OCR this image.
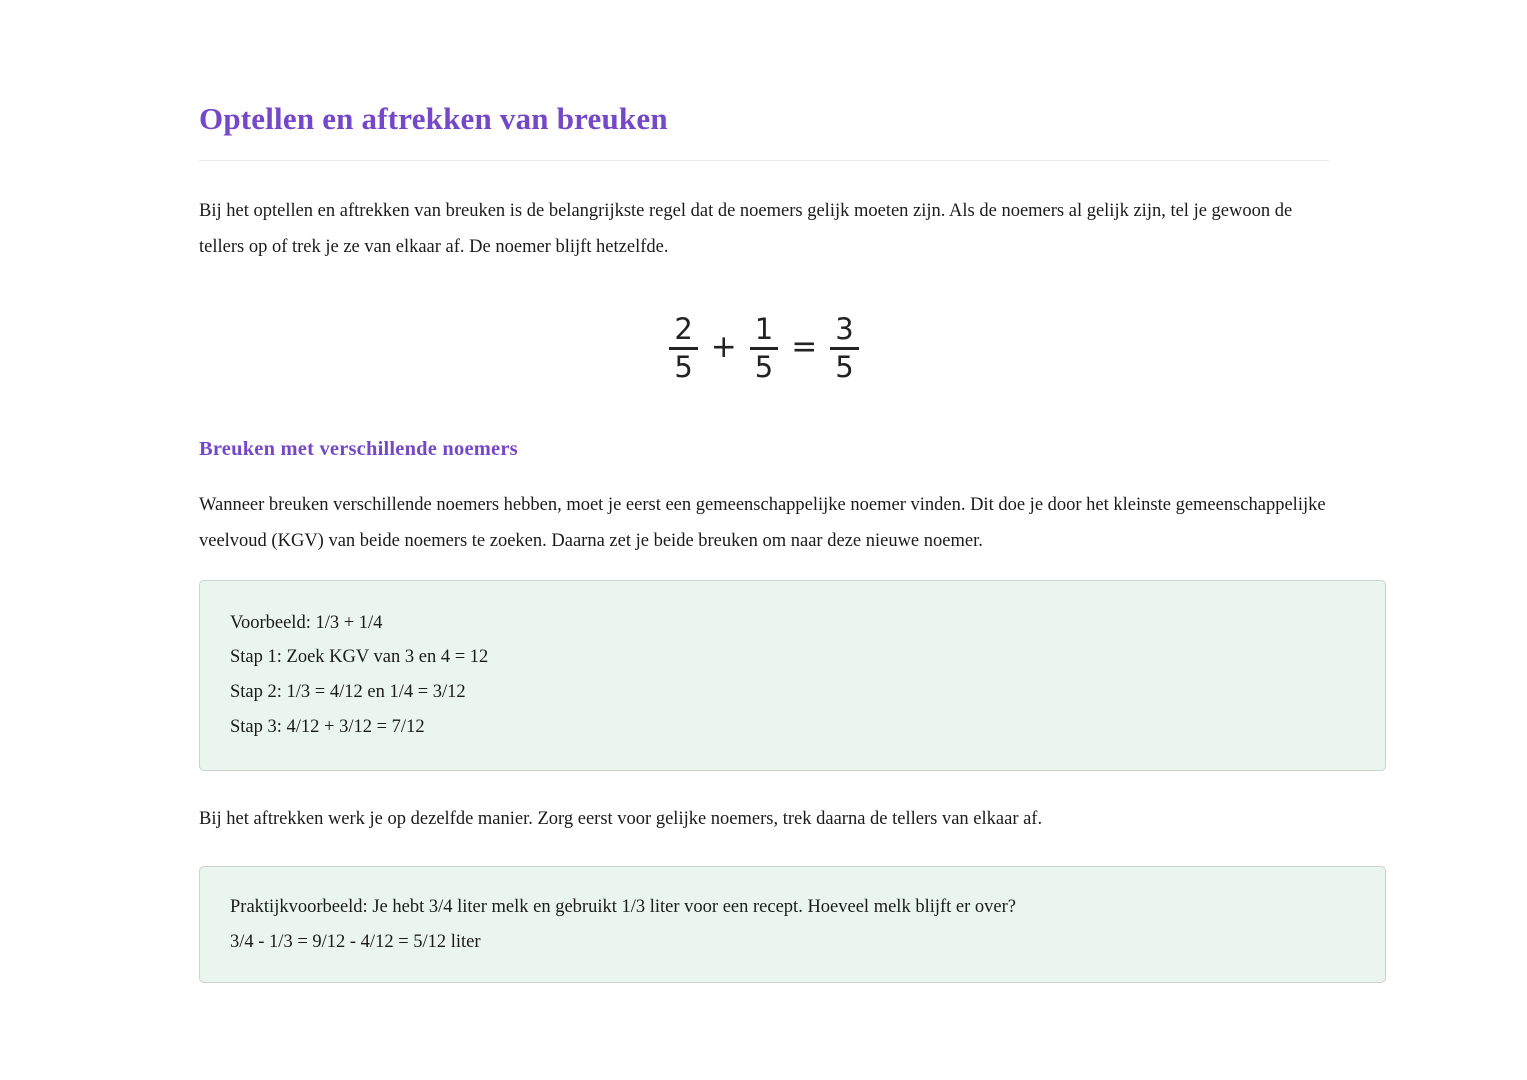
Optellen en aftrekken van breuken

Bij het optellen en aftrekken van breuken is de belangrijkste regel dat de noemers gelijk moeten zijn. Als de noemers al gelijk zijn, tel je gewoon de tellers op of trek je ze van elkaar af. De noemer blijft hetzelfde.

$\frac{2}{5} + \frac{1}{5} = \frac{3}{5}$
Breuken met verschillende noemers

Wanneer breuken verschillende noemers hebben, moet je eerst een gemeenschappelijke noemer vinden. Dit doe je door het kleinste gemeenschappelijke veelvoud (KGV) van beide noemers te zoeken. Daarna zet je beide breuken om naar deze nieuwe noemer.

Voorbeeld: 1/3 + 1/4
Stap 1: Zoek KGV van 3 en 4 = 12
Stap 2: 1/3 = 4/12 en 1/4 = 3/12
Stap 3: 4/12 + 3/12 = 7/12

Bij het aftrekken werk je op dezelfde manier. Zorg eerst voor gelijke noemers, trek daarna de tellers van elkaar af.

Praktijkvoorbeeld: Je hebt 3/4 liter melk en gebruikt 1/3 liter voor een recept. Hoeveel melk blijft er over?
3/4 - 1/3 = 9/12 - 4/12 = 5/12 liter
